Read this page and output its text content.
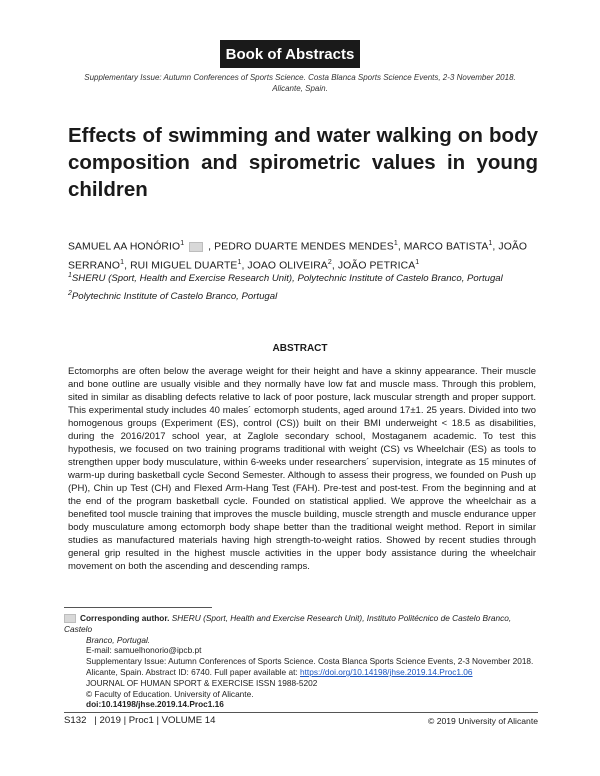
Book of Abstracts
Supplementary Issue: Autumn Conferences of Sports Science. Costa Blanca Sports Science Events, 2-3 November 2018.
Alicante, Spain.
Effects of swimming and water walking on body composition and spirometric values in young children
SAMUEL AA HONÓRIO$^1$  , PEDRO DUARTE MENDES MENDES$^1$, MARCO BATISTA$^1$, JOÃO SERRANO$^1$, RUI MIGUEL DUARTE$^1$, JOAO OLIVEIRA$^2$, JOÃO PETRICA$^1$
$^1$SHERU (Sport, Health and Exercise Research Unit), Polytechnic Institute of Castelo Branco, Portugal
$^2$Polytechnic Institute of Castelo Branco, Portugal
ABSTRACT
Ectomorphs are often below the average weight for their height and have a skinny appearance. Their muscle and bone outline are usually visible and they normally have low fat and muscle mass. Through this problem, sited in similar as disabling defects relative to lack of poor posture, lack muscular strength and proper support. This experimental study includes 40 males´ ectomorph students, aged around 17±1. 25 years. Divided into two homogenous groups (Experiment (ES), control (CS)) built on their BMI underweight < 18.5 as disabilities, during the 2016/2017 school year, at Zaglole secondary school, Mostaganem academic. To test this hypothesis, we focused on two training programs traditional with weight (CS) vs Wheelchair (ES) as tools to strengthen upper body musculature, within 6-weeks under researchers´ supervision, integrate as 15 minutes of warm-up during basketball cycle Second Semester. Although to assess their progress, we founded on Push up (PH), Chin up Test (CH) and Flexed Arm-Hang Test (FAH). Pre-test and post-test. From the beginning and at the end of the program basketball cycle. Founded on statistical applied. We approve the wheelchair as a benefited tool muscle training that improves the muscle building, muscle strength and muscle endurance upper body musculature among ectomorph body shape better than the traditional weight method. Report in similar studies as manufactured materials having high strength-to-weight ratios. Showed by recent studies through general grip resulted in the highest muscle activities in the upper body assistance during the wheelchair movement on both the ascending and descending ramps.
Corresponding author. SHERU (Sport, Health and Exercise Research Unit), Instituto Politécnico de Castelo Branco, Castelo
Branco, Portugal.
E-mail: samuelhonorio@ipcb.pt
Supplementary Issue: Autumn Conferences of Sports Science. Costa Blanca Sports Science Events, 2-3 November 2018.
Alicante, Spain. Abstract ID: 6740. Full paper available at: https://doi.org/10.14198/jhse.2019.14.Proc1.06
JOURNAL OF HUMAN SPORT & EXERCISE ISSN 1988-5202
© Faculty of Education. University of Alicante.
doi:10.14198/jhse.2019.14.Proc1.16
S132   | 2019 | Proc1 | VOLUME 14	© 2019 University of Alicante
